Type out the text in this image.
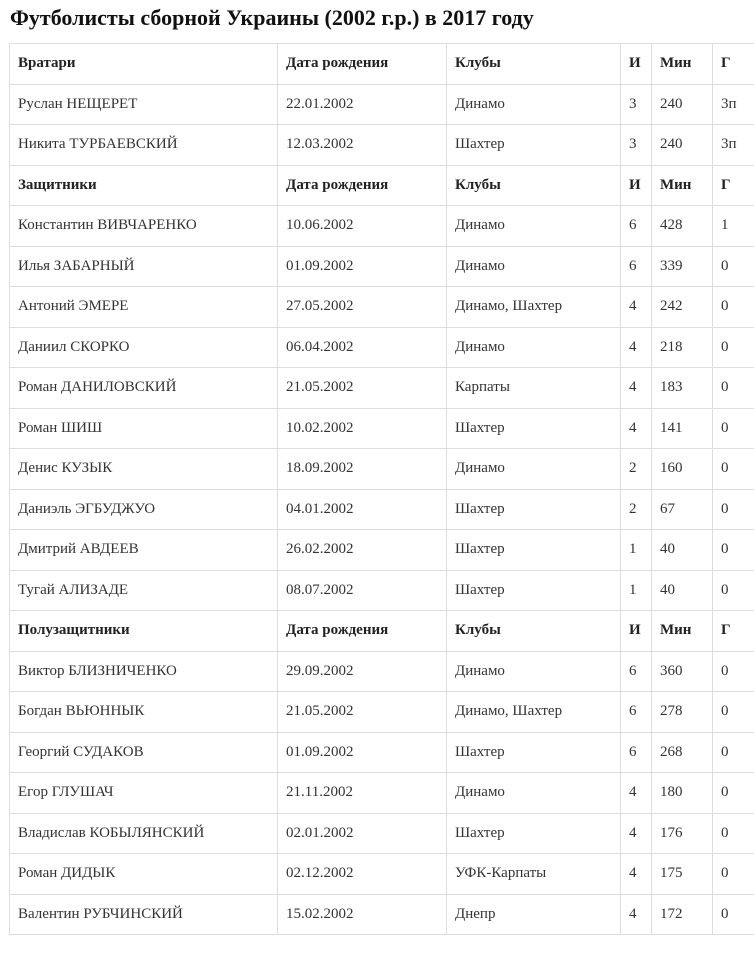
Футболисты сборной Украины (2002 г.р.) в 2017 году
Вратари	Дата рождения	Клубы	И	Мин	Г
Руслан НЕЩЕРЕТ	22.01.2002	Динамо	3	240	3п
Никита ТУРБАЕВСКИЙ	12.03.2002	Шахтер	3	240	3п
Защитники	Дата рождения	Клубы	И	Мин	Г
Константин ВИВЧАРЕНКО	10.06.2002	Динамо	6	428	1
Илья ЗАБАРНЫЙ	01.09.2002	Динамо	6	339	0
Антоний ЭМЕРЕ	27.05.2002	Динамо, Шахтер	4	242	0
Даниил СКОРКО	06.04.2002	Динамо	4	218	0
Роман ДАНИЛОВСКИЙ	21.05.2002	Карпаты	4	183	0
Роман ШИШ	10.02.2002	Шахтер	4	141	0
Денис КУЗЫК	18.09.2002	Динамо	2	160	0
Даниэль ЭГБУДЖУО	04.01.2002	Шахтер	2	67	0
Дмитрий АВДЕЕВ	26.02.2002	Шахтер	1	40	0
Тугай АЛИЗАДЕ	08.07.2002	Шахтер	1	40	0
Полузащитники	Дата рождения	Клубы	И	Мин	Г
Виктор БЛИЗНИЧЕНКО	29.09.2002	Динамо	6	360	0
Богдан ВЬЮННЫК	21.05.2002	Динамо, Шахтер	6	278	0
Георгий СУДАКОВ	01.09.2002	Шахтер	6	268	0
Егор ГЛУШАЧ	21.11.2002	Динамо	4	180	0
Владислав КОБЫЛЯНСКИЙ	02.01.2002	Шахтер	4	176	0
Роман ДИДЫК	02.12.2002	УФК-Карпаты	4	175	0
Валентин РУБЧИНСКИЙ	15.02.2002	Днепр	4	172	0
